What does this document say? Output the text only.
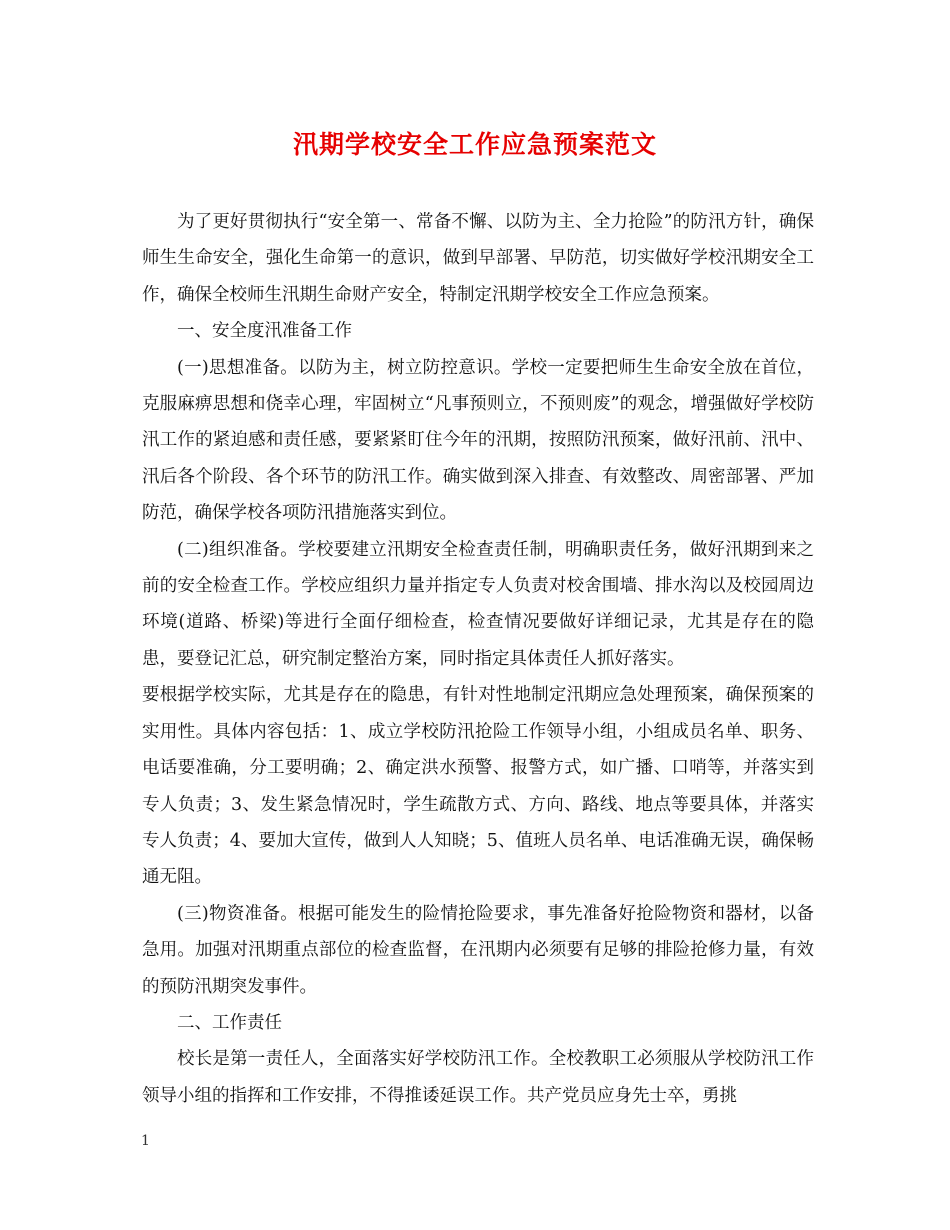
汛期学校安全工作应急预案范文

为了更好贯彻执行“安全第一、常备不懈、以防为主、全力抢险”的防汛方针，确保师生生命安全，强化生命第一的意识，做到早部署、早防范，切实做好学校汛期安全工作，确保全校师生汛期生命财产安全，特制定汛期学校安全工作应急预案。

一、安全度汛准备工作

(一)思想准备。以防为主，树立防控意识。学校一定要把师生生命安全放在首位，克服麻痹思想和侥幸心理，牢固树立“凡事预则立，不预则废”的观念，增强做好学校防汛工作的紧迫感和责任感，要紧紧盯住今年的汛期，按照防汛预案，做好汛前、汛中、汛后各个阶段、各个环节的防汛工作。确实做到深入排查、有效整改、周密部署、严加防范，确保学校各项防汛措施落实到位。

(二)组织准备。学校要建立汛期安全检查责任制，明确职责任务，做好汛期到来之前的安全检查工作。学校应组织力量并指定专人负责对校舍围墙、排水沟以及校园周边环境(道路、桥梁)等进行全面仔细检查，检查情况要做好详细记录，尤其是存在的隐患，要登记汇总，研究制定整治方案，同时指定具体责任人抓好落实。

要根据学校实际，尤其是存在的隐患，有针对性地制定汛期应急处理预案，确保预案的实用性。具体内容包括：1、成立学校防汛抢险工作领导小组，小组成员名单、职务、电话要准确，分工要明确；2、确定洪水预警、报警方式，如广播、口哨等，并落实到专人负责；3、发生紧急情况时，学生疏散方式、方向、路线、地点等要具体，并落实专人负责；4、要加大宣传，做到人人知晓；5、值班人员名单、电话准确无误，确保畅通无阻。

(三)物资准备。根据可能发生的险情抢险要求，事先准备好抢险物资和器材，以备急用。加强对汛期重点部位的检查监督，在汛期内必须要有足够的排险抢修力量，有效的预防汛期突发事件。

二、工作责任

校长是第一责任人，全面落实好学校防汛工作。全校教职工必须服从学校防汛工作领导小组的指挥和工作安排，不得推诿延误工作。共产党员应身先士卒，勇挑

1
